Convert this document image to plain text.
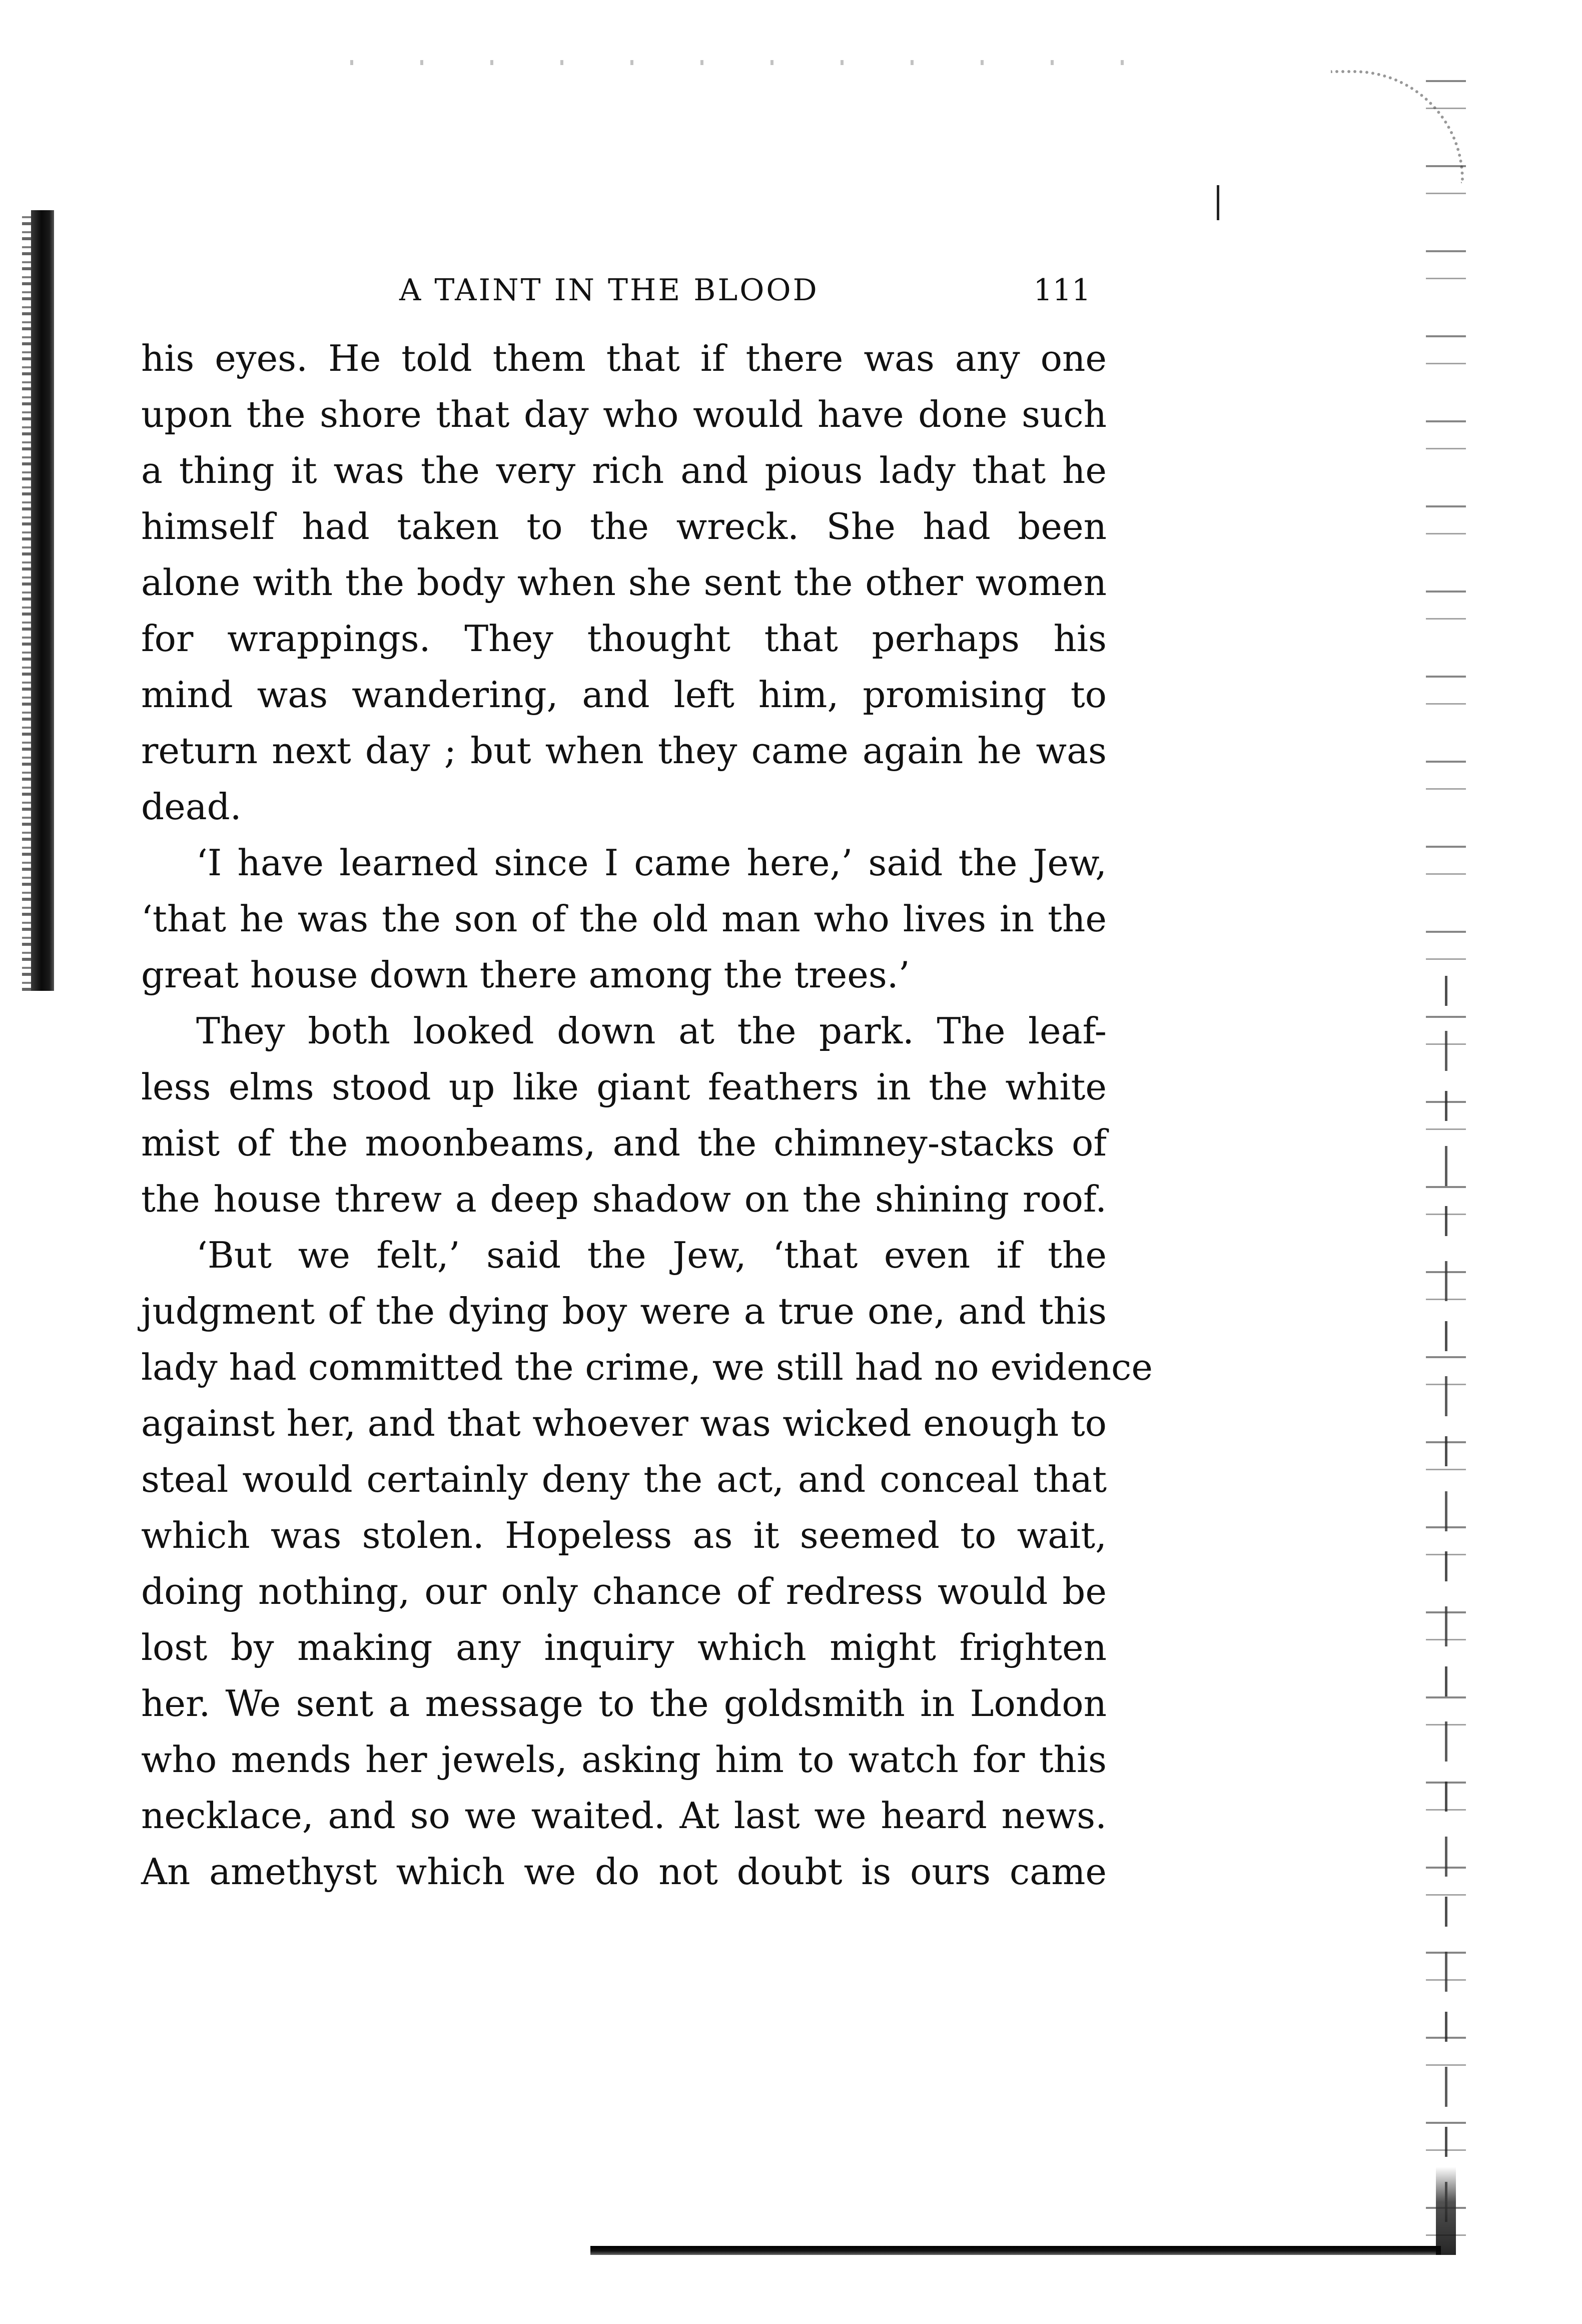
A TAINT IN THE BLOOD	111
his eyes. He told them that if there was any one
upon the shore that day who would have done such
a thing it was the very rich and pious lady that he
himself had taken to the wreck. She had been
alone with the body when she sent the other women
for wrappings. They thought that perhaps his
mind was wandering, and left him, promising to
return next day ; but when they came again he was
dead.
‘I have learned since I came here,’ said the Jew,
‘that he was the son of the old man who lives in the
great house down there among the trees.’
They both looked down at the park. The leaf-
less elms stood up like giant feathers in the white
mist of the moonbeams, and the chimney-stacks of
the house threw a deep shadow on the shining roof.
‘But we felt,’ said the Jew, ‘that even if the
judgment of the dying boy were a true one, and this
lady had committed the crime, we still had no evidence
against her, and that whoever was wicked enough to
steal would certainly deny the act, and conceal that
which was stolen. Hopeless as it seemed to wait,
doing nothing, our only chance of redress would be
lost by making any inquiry which might frighten
her. We sent a message to the goldsmith in London
who mends her jewels, asking him to watch for this
necklace, and so we waited. At last we heard news.
An amethyst which we do not doubt is ours came
